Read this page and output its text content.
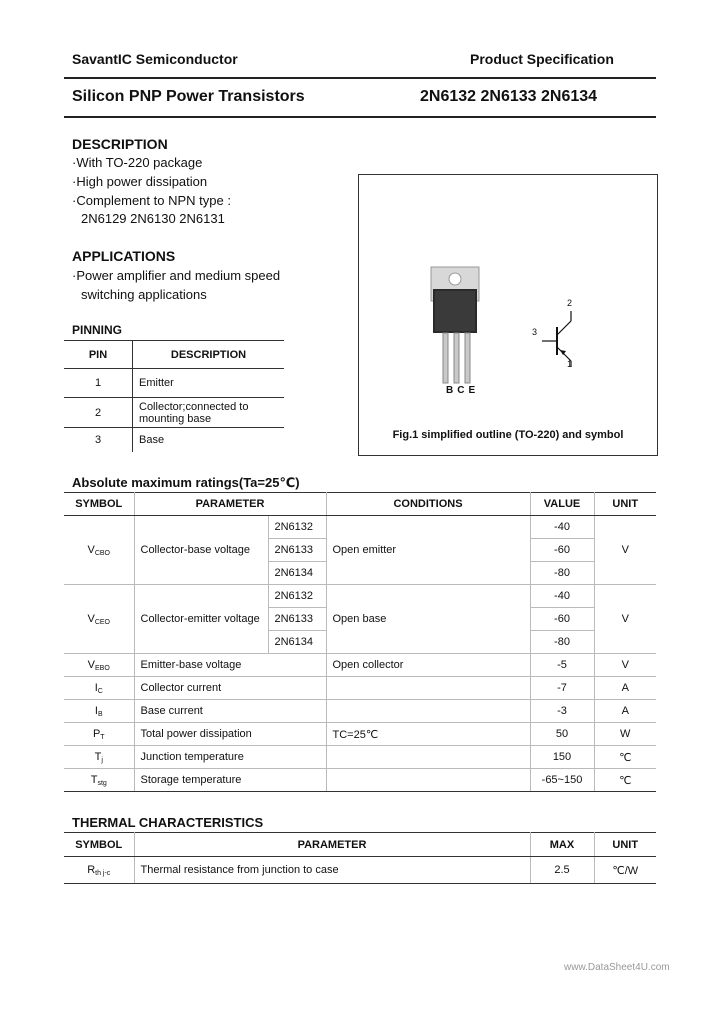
SavantIC Semiconductor	Product Specification
Silicon PNP Power Transistors	2N6132 2N6133 2N6134
DESCRIPTION
·With TO-220 package
·High power dissipation
·Complement to NPN type :
2N6129 2N6130 2N6131
APPLICATIONS
·Power amplifier and medium speed
switching applications
PINNING
PIN	DESCRIPTION
1	Emitter
2	Collector;connected to mounting base
3	Base
BCE
2
3
1
Fig.1 simplified outline (TO-220) and symbol
Absolute maximum ratings(Ta=25℃)
SYMBOL	PARAMETER		CONDITIONS	VALUE	UNIT
$V_{CBO}$	Collector-base voltage	2N6132	Open emitter	-40	V
		2N6133		-60	
		2N6134		-80	
$V_{CEO}$	Collector-emitter voltage	2N6132	Open base	-40	V
		2N6133		-60	
		2N6134		-80	
$V_{EBO}$	Emitter-base voltage		Open collector	-5	V
$I_C$	Collector current			-7	A
$I_B$	Base current			-3	A
$P_T$	Total power dissipation		T⁣C=25℃	50	W
$T_j$	Junction temperature			150	℃
$T_{stg}$	Storage temperature			-65~150	℃
THERMAL CHARACTERISTICS
SYMBOL	PARAMETER	MAX	UNIT
$R_{th j-c}$	Thermal resistance from junction to case	2.5	℃/W
www.DataSheet4U.com
